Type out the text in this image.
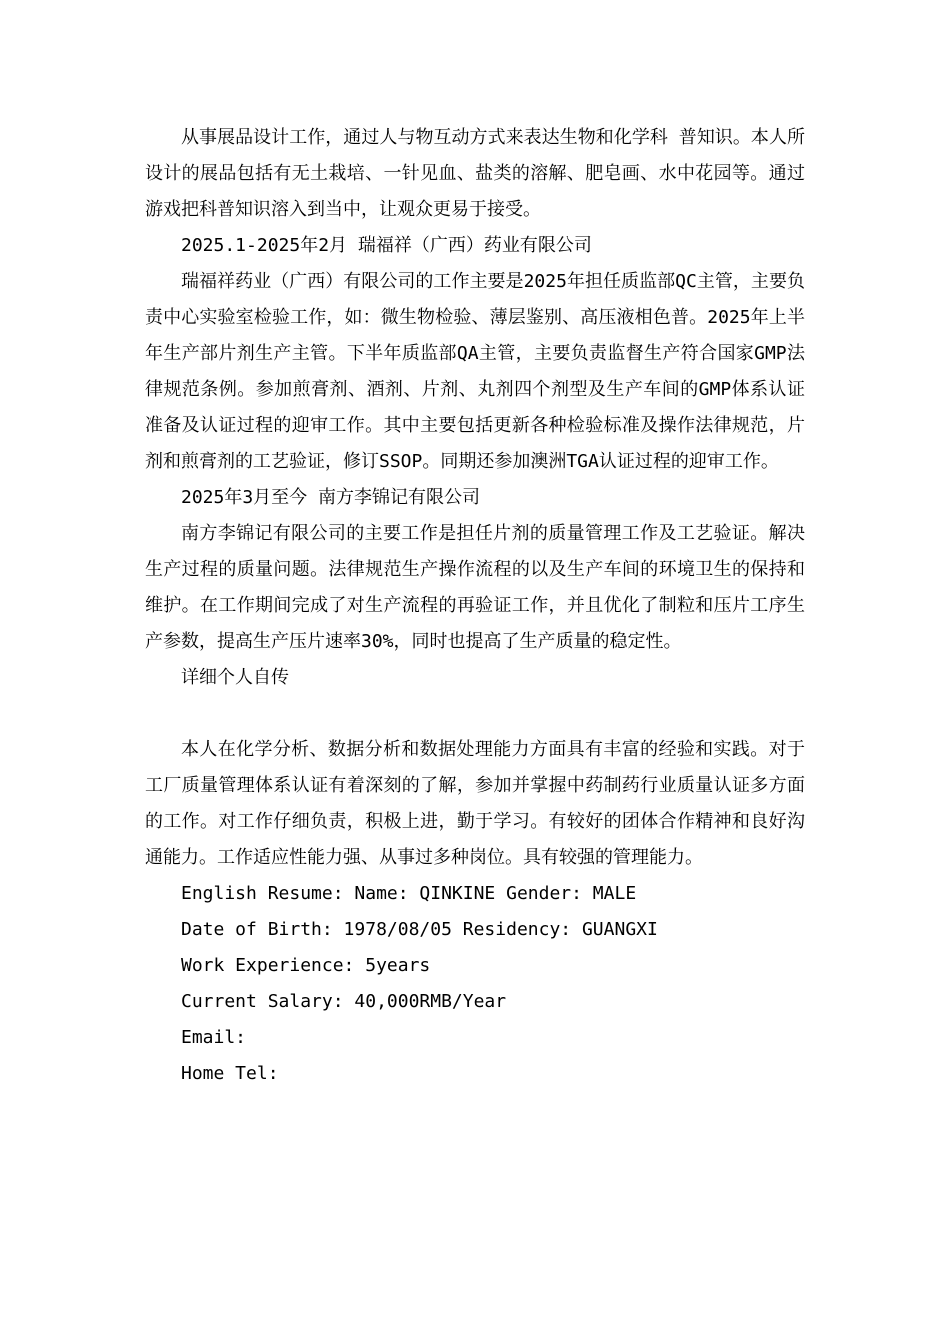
从事展品设计工作，通过人与物互动方式来表达生物和化学科 普知识。本人所设计的展品包括有无土栽培、一针见血、盐类的溶解、肥皂画、水中花园等。通过游戏把科普知识溶入到当中，让观众更易于接受。

2025.1-2025年2月 瑞福祥（广西）药业有限公司

瑞福祥药业（广西）有限公司的工作主要是2025年担任质监部QC主管，主要负责中心实验室检验工作，如：微生物检验、薄层鉴别、高压液相色普。2025年上半年生产部片剂生产主管。下半年质监部QA主管，主要负责监督生产符合国家GMP法律规范条例。参加煎膏剂、酒剂、片剂、丸剂四个剂型及生产车间的GMP体系认证准备及认证过程的迎审工作。其中主要包括更新各种检验标准及操作法律规范，片剂和煎膏剂的工艺验证，修订SSOP。同期还参加澳洲TGA认证过程的迎审工作。

2025年3月至今 南方李锦记有限公司

南方李锦记有限公司的主要工作是担任片剂的质量管理工作及工艺验证。解决生产过程的质量问题。法律规范生产操作流程的以及生产车间的环境卫生的保持和维护。在工作期间完成了对生产流程的再验证工作，并且优化了制粒和压片工序生产参数，提高生产压片速率30%，同时也提高了生产质量的稳定性。

详细个人自传

本人在化学分析、数据分析和数据处理能力方面具有丰富的经验和实践。对于工厂质量管理体系认证有着深刻的了解，参加并掌握中药制药行业质量认证多方面的工作。对工作仔细负责，积极上进，勤于学习。有较好的团体合作精神和良好沟通能力。工作适应性能力强、从事过多种岗位。具有较强的管理能力。

English Resume: Name: QINKINE Gender: MALE

Date of Birth: 1978/08/05 Residency: GUANGXI

Work Experience: 5years

Current Salary: 40,000RMB/Year

Email:

Home Tel:
